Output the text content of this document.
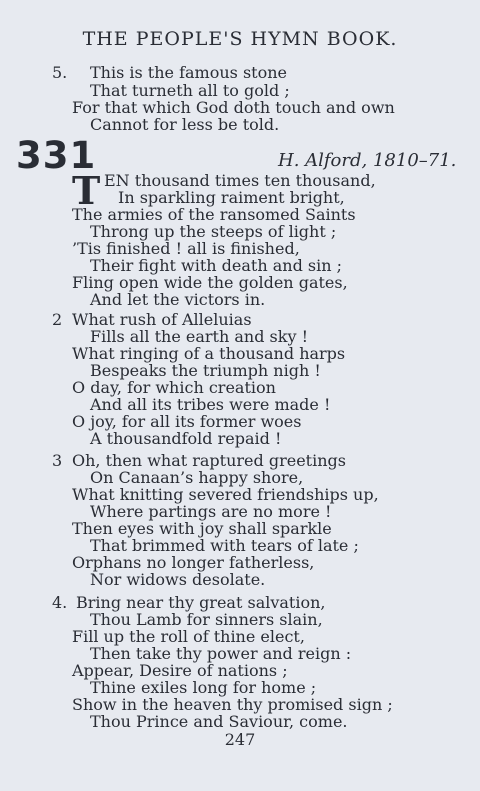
THE PEOPLE'S HYMN BOOK.
5. This is the famous stone
That turneth all to gold ;
For that which God doth touch and own
Cannot for less be told.
331	H. Alford, 1810–71.
T EN thousand times ten thousand,
In sparkling raiment bright,
The armies of the ransomed Saints
Throng up the steeps of light ;
’Tis finished ! all is finished,
Their fight with death and sin ;
Fling open wide the golden gates,
And let the victors in.
2 What rush of Alleluias
Fills all the earth and sky !
What ringing of a thousand harps
Bespeaks the triumph nigh !
O day, for which creation
And all its tribes were made !
O joy, for all its former woes
A thousandfold repaid !
3 Oh, then what raptured greetings
On Canaan’s happy shore,
What knitting severed friendships up,
Where partings are no more !
Then eyes with joy shall sparkle
That brimmed with tears of late ;
Orphans no longer fatherless,
Nor widows desolate.
4. Bring near thy great salvation,
Thou Lamb for sinners slain,
Fill up the roll of thine elect,
Then take thy power and reign :
Appear, Desire of nations ;
Thine exiles long for home ;
Show in the heaven thy promised sign ;
Thou Prince and Saviour, come.
247
